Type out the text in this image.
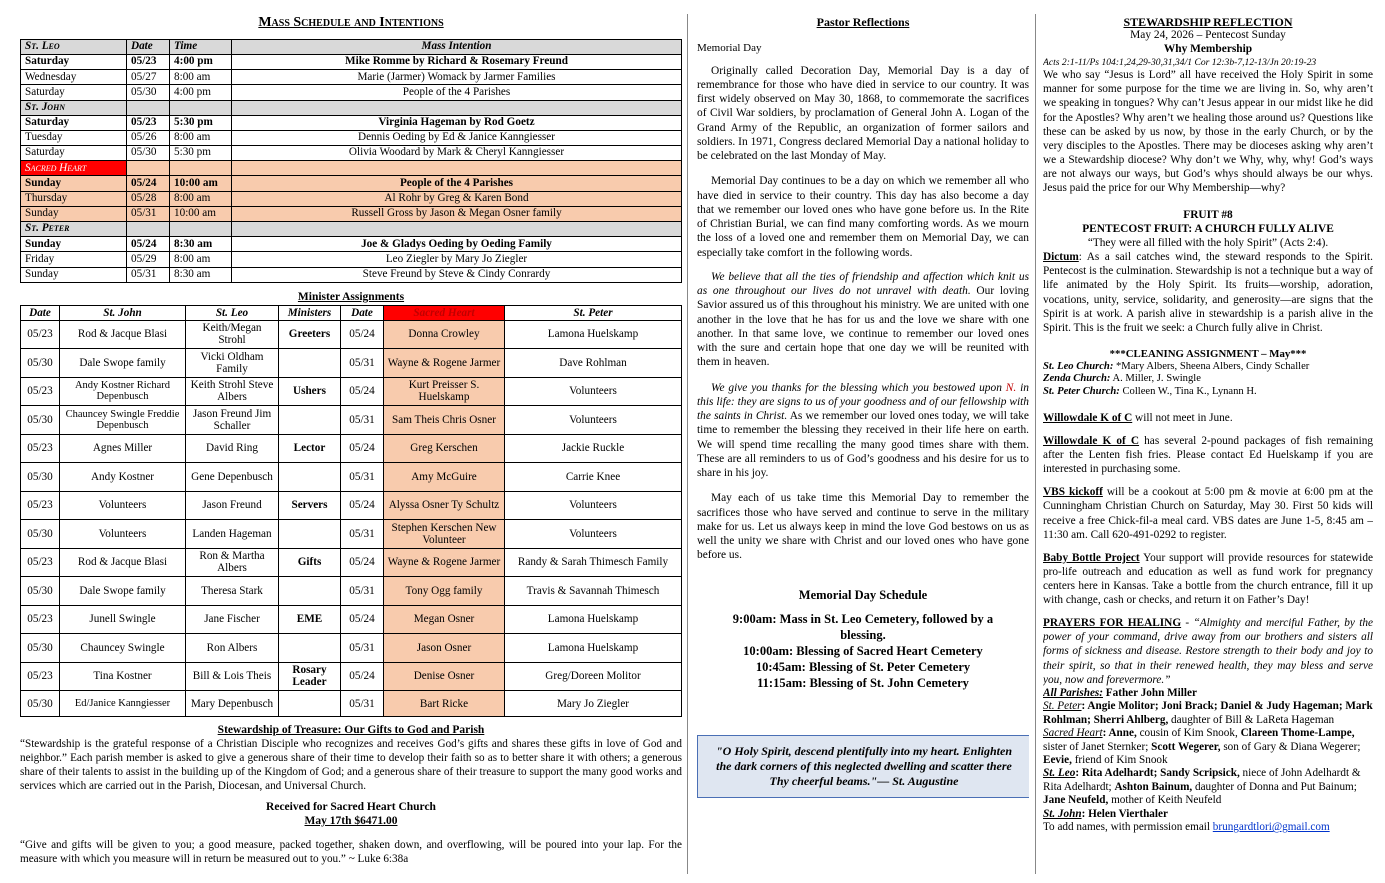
Mass Schedule and Intentions
St. Leo	Date	Time	Mass Intention
Saturday	05/23	4:00 pm	Mike Romme by Richard & Rosemary Freund
Wednesday	05/27	8:00 am	Marie (Jarmer) Womack by Jarmer Families
Saturday	05/30	4:00 pm	People of the 4 Parishes
St. John			
Saturday	05/23	5:30 pm	Virginia Hageman by Rod Goetz
Tuesday	05/26	8:00 am	Dennis Oeding by Ed & Janice Kanngiesser
Saturday	05/30	5:30 pm	Olivia Woodard by Mark & Cheryl Kanngiesser
Sacred Heart			
Sunday	05/24	10:00 am	People of the 4 Parishes
Thursday	05/28	8:00 am	Al Rohr by Greg & Karen Bond
Sunday	05/31	10:00 am	Russell Gross by Jason & Megan Osner family
St. Peter			
Sunday	05/24	8:30 am	Joe & Gladys Oeding by Oeding Family
Friday	05/29	8:00 am	Leo Ziegler by Mary Jo Ziegler
Sunday	05/31	8:30 am	Steve Freund by Steve & Cindy Conrardy
Minister Assignments
Date	St. John	St. Leo	Ministers	Date	Sacred Heart	St. Peter
05/23	Rod & Jacque Blasi	Keith/Megan Strohl	Greeters	05/24	Donna Crowley	Lamona Huelskamp
05/30	Dale Swope family	Vicki Oldham Family		05/31	Wayne & Rogene Jarmer	Dave Rohlman
05/23	Andy Kostner Richard Depenbusch	Keith Strohl Steve Albers	Ushers	05/24	Kurt Preisser S. Huelskamp	Volunteers
05/30	Chauncey Swingle Freddie Depenbusch	Jason Freund Jim Schaller		05/31	Sam Theis Chris Osner	Volunteers
05/23	Agnes Miller	David Ring	Lector	05/24	Greg Kerschen	Jackie Ruckle
05/30	Andy Kostner	Gene Depenbusch		05/31	Amy McGuire	Carrie Knee
05/23	Volunteers	Jason Freund	Servers	05/24	Alyssa Osner Ty Schultz	Volunteers
05/30	Volunteers	Landen Hageman		05/31	Stephen Kerschen New Volunteer	Volunteers
05/23	Rod & Jacque Blasi	Ron & Martha Albers	Gifts	05/24	Wayne & Rogene Jarmer	Randy & Sarah Thimesch Family
05/30	Dale Swope family	Theresa Stark		05/31	Tony Ogg family	Travis & Savannah Thimesch
05/23	Junell Swingle	Jane Fischer	EME	05/24	Megan Osner	Lamona Huelskamp
05/30	Chauncey Swingle	Ron Albers		05/31	Jason Osner	Lamona Huelskamp
05/23	Tina Kostner	Bill & Lois Theis	Rosary Leader	05/24	Denise Osner	Greg/Doreen Molitor
05/30	Ed/Janice Kanngiesser	Mary Depenbusch		05/31	Bart Ricke	Mary Jo Ziegler
Stewardship of Treasure: Our Gifts to God and Parish
“Stewardship is the grateful response of a Christian Disciple who recognizes and receives God’s gifts and shares these gifts in love of God and neighbor.” Each parish member is asked to give a generous share of their time to develop their faith so as to better share it with others; a generous share of their talents to assist in the building up of the Kingdom of God; and a generous share of their treasure to support the many good works and services which are carried out in the Parish, Diocesan, and Universal Church.
Received for Sacred Heart Church
May 17th $6471.00
“Give and gifts will be given to you; a good measure, packed together, shaken down, and overflowing, will be poured into your lap. For the measure with which you measure will in return be measured out to you.” ~ Luke 6:38a
Pastor Reflections
Memorial Day
Originally called Decoration Day, Memorial Day is a day of remembrance for those who have died in service to our country. It was first widely observed on May 30, 1868, to commemorate the sacrifices of Civil War soldiers, by proclamation of General John A. Logan of the Grand Army of the Republic, an organization of former sailors and soldiers. In 1971, Congress declared Memorial Day a national holiday to be celebrated on the last Monday of May.
Memorial Day continues to be a day on which we remember all who have died in service to their country. This day has also become a day that we remember our loved ones who have gone before us. In the Rite of Christian Burial, we can find many comforting words. As we mourn the loss of a loved one and remember them on Memorial Day, we can especially take comfort in the following words.
We believe that all the ties of friendship and affection which knit us as one throughout our lives do not unravel with death. Our loving Savior assured us of this throughout his ministry. We are united with one another in the love that he has for us and the love we share with one another. In that same love, we continue to remember our loved ones with the sure and certain hope that one day we will be reunited with them in heaven.
We give you thanks for the blessing which you bestowed upon N. in this life: they are signs to us of your goodness and of our fellowship with the saints in Christ. As we remember our loved ones today, we will take time to remember the blessing they received in their life here on earth. We will spend time recalling the many good times share with them. These are all reminders to us of God’s goodness and his desire for us to share in his joy.
May each of us take time this Memorial Day to remember the sacrifices those who have served and continue to serve in the military make for us. Let us always keep in mind the love God bestows on us as well the unity we share with Christ and our loved ones who have gone before us.
Memorial Day Schedule
9:00am: Mass in St. Leo Cemetery, followed by a blessing.
10:00am: Blessing of Sacred Heart Cemetery
10:45am: Blessing of St. Peter Cemetery
11:15am: Blessing of St. John Cemetery
"O Holy Spirit, descend plentifully into my heart. Enlighten the dark corners of this neglected dwelling and scatter there Thy cheerful beams."— St. Augustine
STEWARDSHIP REFLECTION
May 24, 2026 – Pentecost Sunday
Why Membership
Acts 2:1-11/Ps 104:1,24,29-30,31,34/1 Cor 12:3b-7,12-13/Jn 20:19-23
We who say “Jesus is Lord” all have received the Holy Spirit in some manner for some purpose for the time we are living in. So, why aren’t we speaking in tongues? Why can’t Jesus appear in our midst like he did for the Apostles? Why aren’t we healing those around us? Questions like these can be asked by us now, by those in the early Church, or by the very disciples to the Apostles. There may be dioceses asking why aren’t we a Stewardship diocese? Why don’t we Why, why, why! God’s ways are not always our ways, but God’s whys should always be our whys. Jesus paid the price for our Why Membership—why?
FRUIT #8
PENTECOST FRUIT: A CHURCH FULLY ALIVE
“They were all filled with the holy Spirit” (Acts 2:4).
Dictum: As a sail catches wind, the steward responds to the Spirit. Pentecost is the culmination. Stewardship is not a technique but a way of life animated by the Holy Spirit. Its fruits—worship, adoration, vocations, unity, service, solidarity, and generosity—are signs that the Spirit is at work. A parish alive in stewardship is a parish alive in the Spirit. This is the fruit we seek: a Church fully alive in Christ.
***CLEANING ASSIGNMENT – May***
St. Leo Church: *Mary Albers, Sheena Albers, Cindy Schaller
Zenda Church: A. Miller, J. Swingle
St. Peter Church: Colleen W., Tina K., Lynann H.
Willowdale K of C will not meet in June.
Willowdale K of C has several 2-pound packages of fish remaining after the Lenten fish fries. Please contact Ed Huelskamp if you are interested in purchasing some.
VBS kickoff will be a cookout at 5:00 pm & movie at 6:00 pm at the Cunningham Christian Church on Saturday, May 30. First 50 kids will receive a free Chick-fil-a meal card. VBS dates are June 1-5, 8:45 am – 11:30 am. Call 620-491-0292 to register.
Baby Bottle Project Your support will provide resources for statewide pro-life outreach and education as well as fund work for pregnancy centers here in Kansas. Take a bottle from the church entrance, fill it up with change, cash or checks, and return it on Father’s Day!
PRAYERS FOR HEALING - “Almighty and merciful Father, by the power of your command, drive away from our brothers and sisters all forms of sickness and disease. Restore strength to their body and joy to their spirit, so that in their renewed health, they may bless and serve you, now and forevermore.”
All Parishes: Father John Miller
St. Peter: Angie Molitor; Joni Brack; Daniel & Judy Hageman; Mark Rohlman; Sherri Ahlberg, daughter of Bill & LaReta Hageman
Sacred Heart: Anne, cousin of Kim Snook, Clareen Thome-Lampe, sister of Janet Sternker; Scott Wegerer, son of Gary & Diana Wegerer; Eevie, friend of Kim Snook
St. Leo: Rita Adelhardt; Sandy Scripsick, niece of John Adelhardt & Rita Adelhardt; Ashton Bainum, daughter of Donna and Put Bainum; Jane Neufeld, mother of Keith Neufeld
St. John: Helen Vierthaler
To add names, with permission email brungardtlori@gmail.com
